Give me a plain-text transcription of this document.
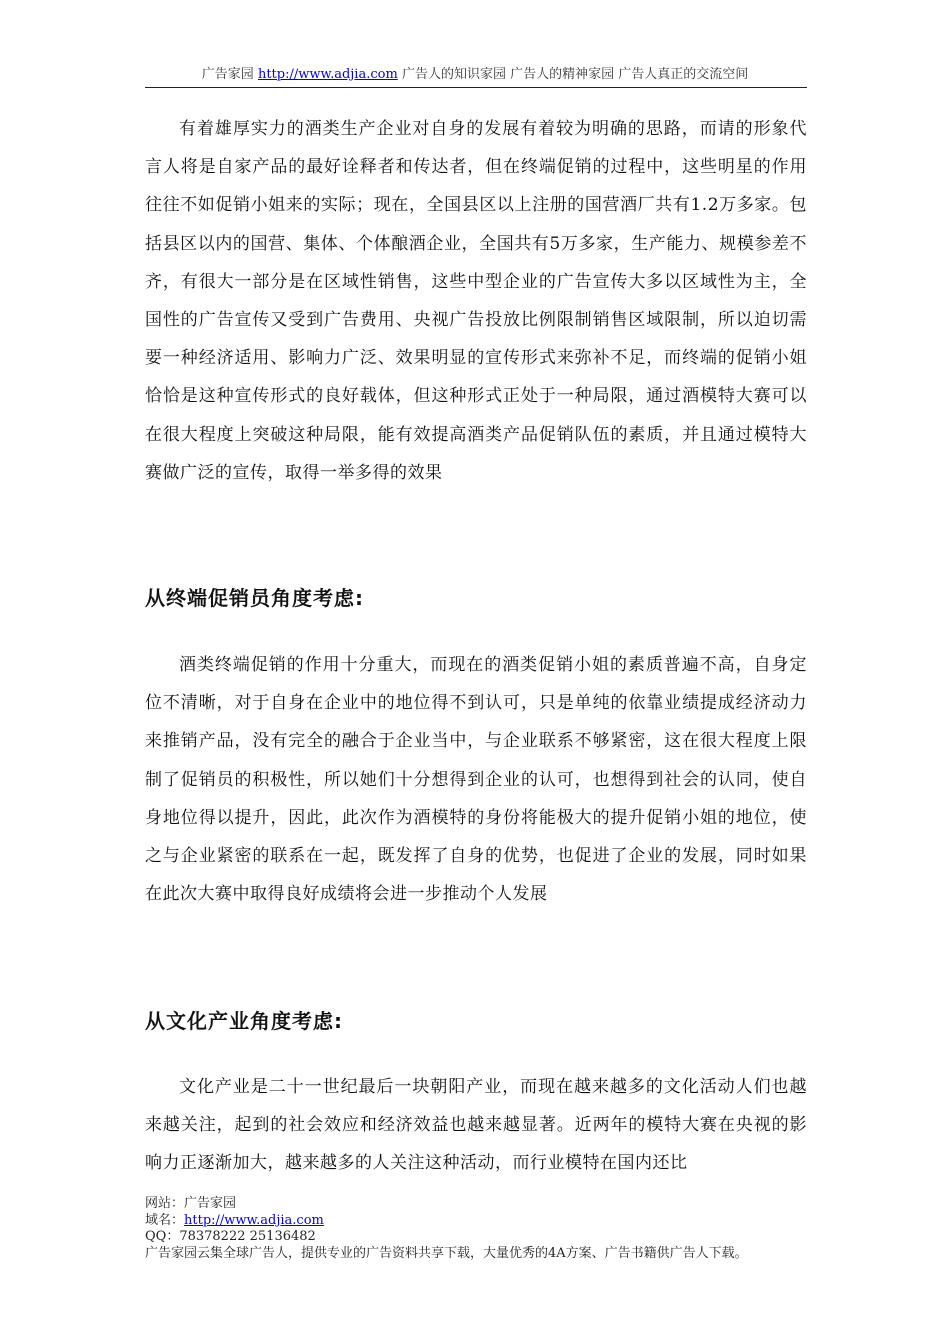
广告家园 http://www.adjia.com 广告人的知识家园 广告人的精神家园 广告人真正的交流空间

有着雄厚实力的酒类生产企业对自身的发展有着较为明确的思路，而请的形象代言人将是自家产品的最好诠释者和传达者，但在终端促销的过程中，这些明星的作用往往不如促销小姐来的实际；现在，全国县区以上注册的国营酒厂共有1.2万多家。包括县区以内的国营、集体、个体酿酒企业，全国共有5万多家，生产能力、规模参差不齐，有很大一部分是在区域性销售，这些中型企业的广告宣传大多以区域性为主，全国性的广告宣传又受到广告费用、央视广告投放比例限制销售区域限制，所以迫切需要一种经济适用、影响力广泛、效果明显的宣传形式来弥补不足，而终端的促销小姐恰恰是这种宣传形式的良好载体，但这种形式正处于一种局限，通过酒模特大赛可以在很大程度上突破这种局限，能有效提高酒类产品促销队伍的素质，并且通过模特大赛做广泛的宣传，取得一举多得的效果

从终端促销员角度考虑:

酒类终端促销的作用十分重大，而现在的酒类促销小姐的素质普遍不高，自身定位不清晰，对于自身在企业中的地位得不到认可，只是单纯的依靠业绩提成经济动力来推销产品，没有完全的融合于企业当中，与企业联系不够紧密，这在很大程度上限制了促销员的积极性，所以她们十分想得到企业的认可，也想得到社会的认同，使自身地位得以提升，因此，此次作为酒模特的身份将能极大的提升促销小姐的地位，使之与企业紧密的联系在一起，既发挥了自身的优势，也促进了企业的发展，同时如果在此次大赛中取得良好成绩将会进一步推动个人发展

从文化产业角度考虑:

文化产业是二十一世纪最后一块朝阳产业，而现在越来越多的文化活动人们也越来越关注，起到的社会效应和经济效益也越来越显著。近两年的模特大赛在央视的影响力正逐渐加大，越来越多的人关注这种活动，而行业模特在国内还比

网站：广告家园
域名：http://www.adjia.com
QQ：78378222 25136482
广告家园云集全球广告人，提供专业的广告资料共享下载，大量优秀的4A方案、广告书籍供广告人下载。
